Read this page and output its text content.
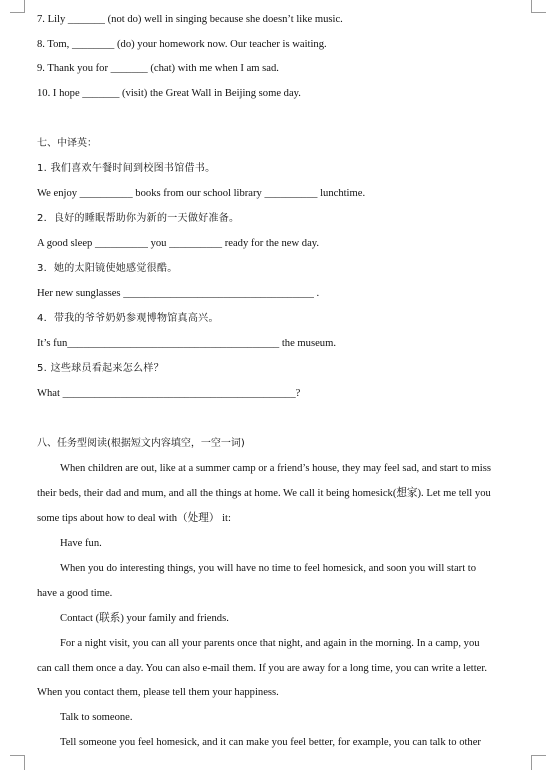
7. Lily _______ (not do) well in singing because she doesn’t like music.
8. Tom, ________ (do) your homework now. Our teacher is waiting.
9. Thank you for _______ (chat) with me when I am sad.
10. I hope _______ (visit) the Great Wall in Beijing some day.
七、中译英：
1. 我们喜欢午餐时间到校图书馆借书。
We enjoy __________ books from our school library __________ lunchtime.
2．良好的睡眠帮助你为新的一天做好准备。
A good sleep __________ you __________ ready for the new day.
3．她的太阳镜使她感觉很酷。
Her new sunglasses ____________________________________ .
4．带我的爷爷奶奶参观博物馆真高兴。
It’s fun________________________________________ the museum.
5. 这些球员看起来怎么样？
What ____________________________________________?
八、任务型阅读(根据短文内容填空，一空一词)
When children are out, like at a summer camp or a friend’s house, they may feel sad, and start to miss
their beds, their dad and mum, and all the things at home. We call it being homesick(想家). Let me tell you
some tips about how to deal with（处理） it:
Have fun.
When you do interesting things, you will have no time to feel homesick, and soon you will start to
have a good time.
Contact (联系) your family and friends.
For a night visit, you can all your parents once that night, and again in the morning. In a camp, you
can call them once a day. You can also e-mail them. If you are away for a long time, you can write a letter.
When you contact them, please tell them your happiness.
Talk to someone.
Tell someone you feel homesick, and it can make you feel better, for example, you can talk to other
